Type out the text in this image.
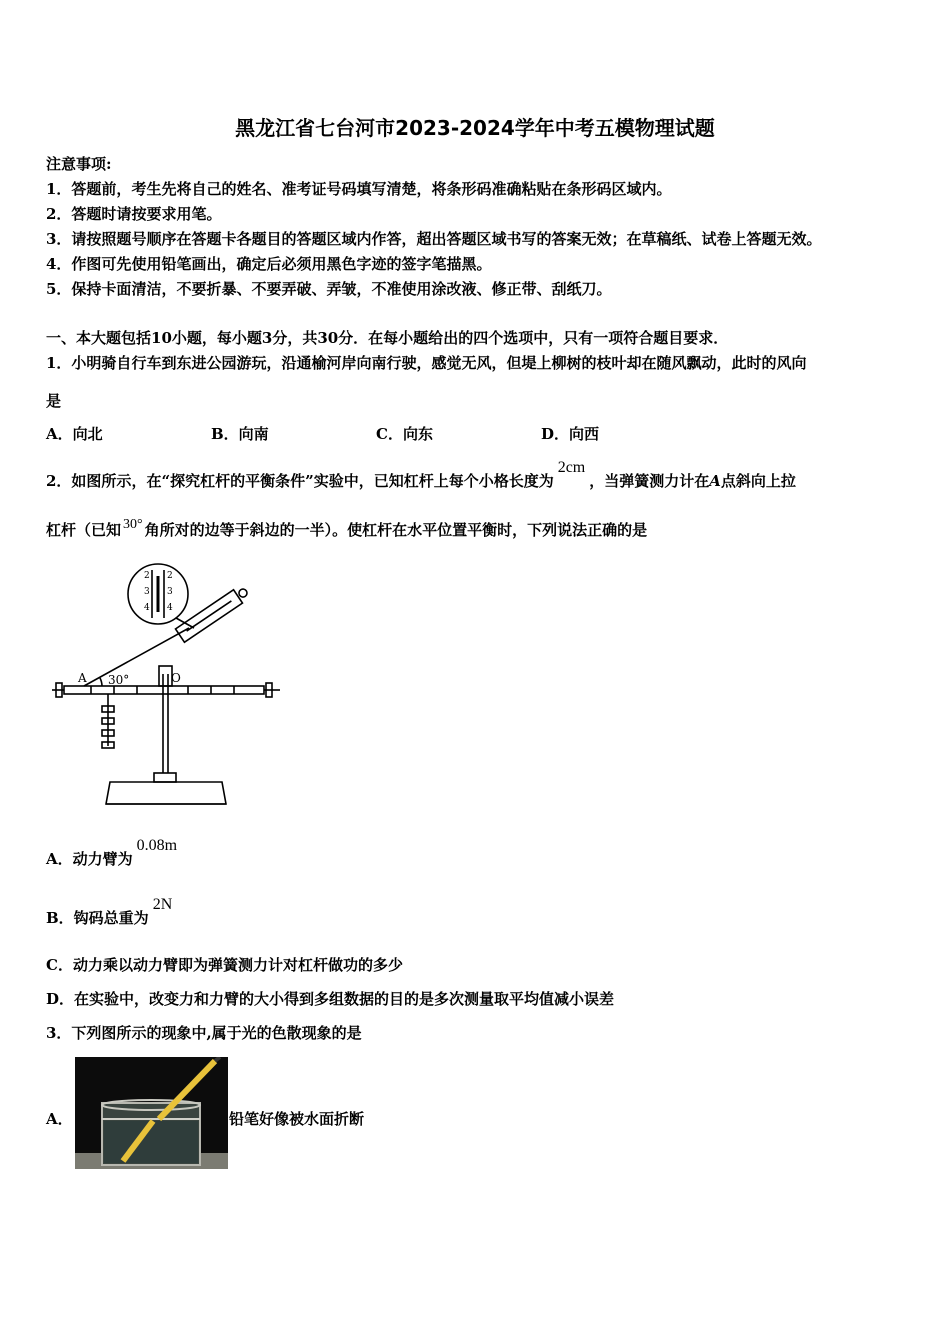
黑龙江省七台河市2023-2024学年中考五模物理试题
注意事项:
1．答题前，考生先将自己的姓名、准考证号码填写清楚，将条形码准确粘贴在条形码区域内。
2．答题时请按要求用笔。
3．请按照题号顺序在答题卡各题目的答题区域内作答，超出答题区域书写的答案无效；在草稿纸、试卷上答题无效。
4．作图可先使用铅笔画出，确定后必须用黑色字迹的签字笔描黑。
5．保持卡面清洁，不要折暴、不要弄破、弄皱，不准使用涂改液、修正带、刮纸刀。
一、本大题包括10小题，每小题3分，共30分．在每小题给出的四个选项中，只有一项符合题目要求．
1．小明骑自行车到东进公园游玩，沿通榆河岸向南行驶，感觉无风，但堤上柳树的枝叶却在随风飘动，此时的风向
是
A．向北	B．向南	C．向东	D．向西
2．如图所示，在“探究杠杆的平衡条件”实验中，已知杠杆上每个小格长度为2cm，当弹簧测力计在A点斜向上拉
杠杆（已知 30° 角所对的边等于斜边的一半）。使杠杆在水平位置平衡时，下列说法正确的是
A	O
30°
2
3
4
2
3
4
A．动力臂为0.08m
B．钩码总重为2N
C．动力乘以动力臂即为弹簧测力计对杠杆做功的多少
D．在实验中，改变力和力臂的大小得到多组数据的目的是多次测量取平均值减小误差
3．下列图所示的现象中,属于光的色散现象的是
A．	铅笔好像被水面折断
